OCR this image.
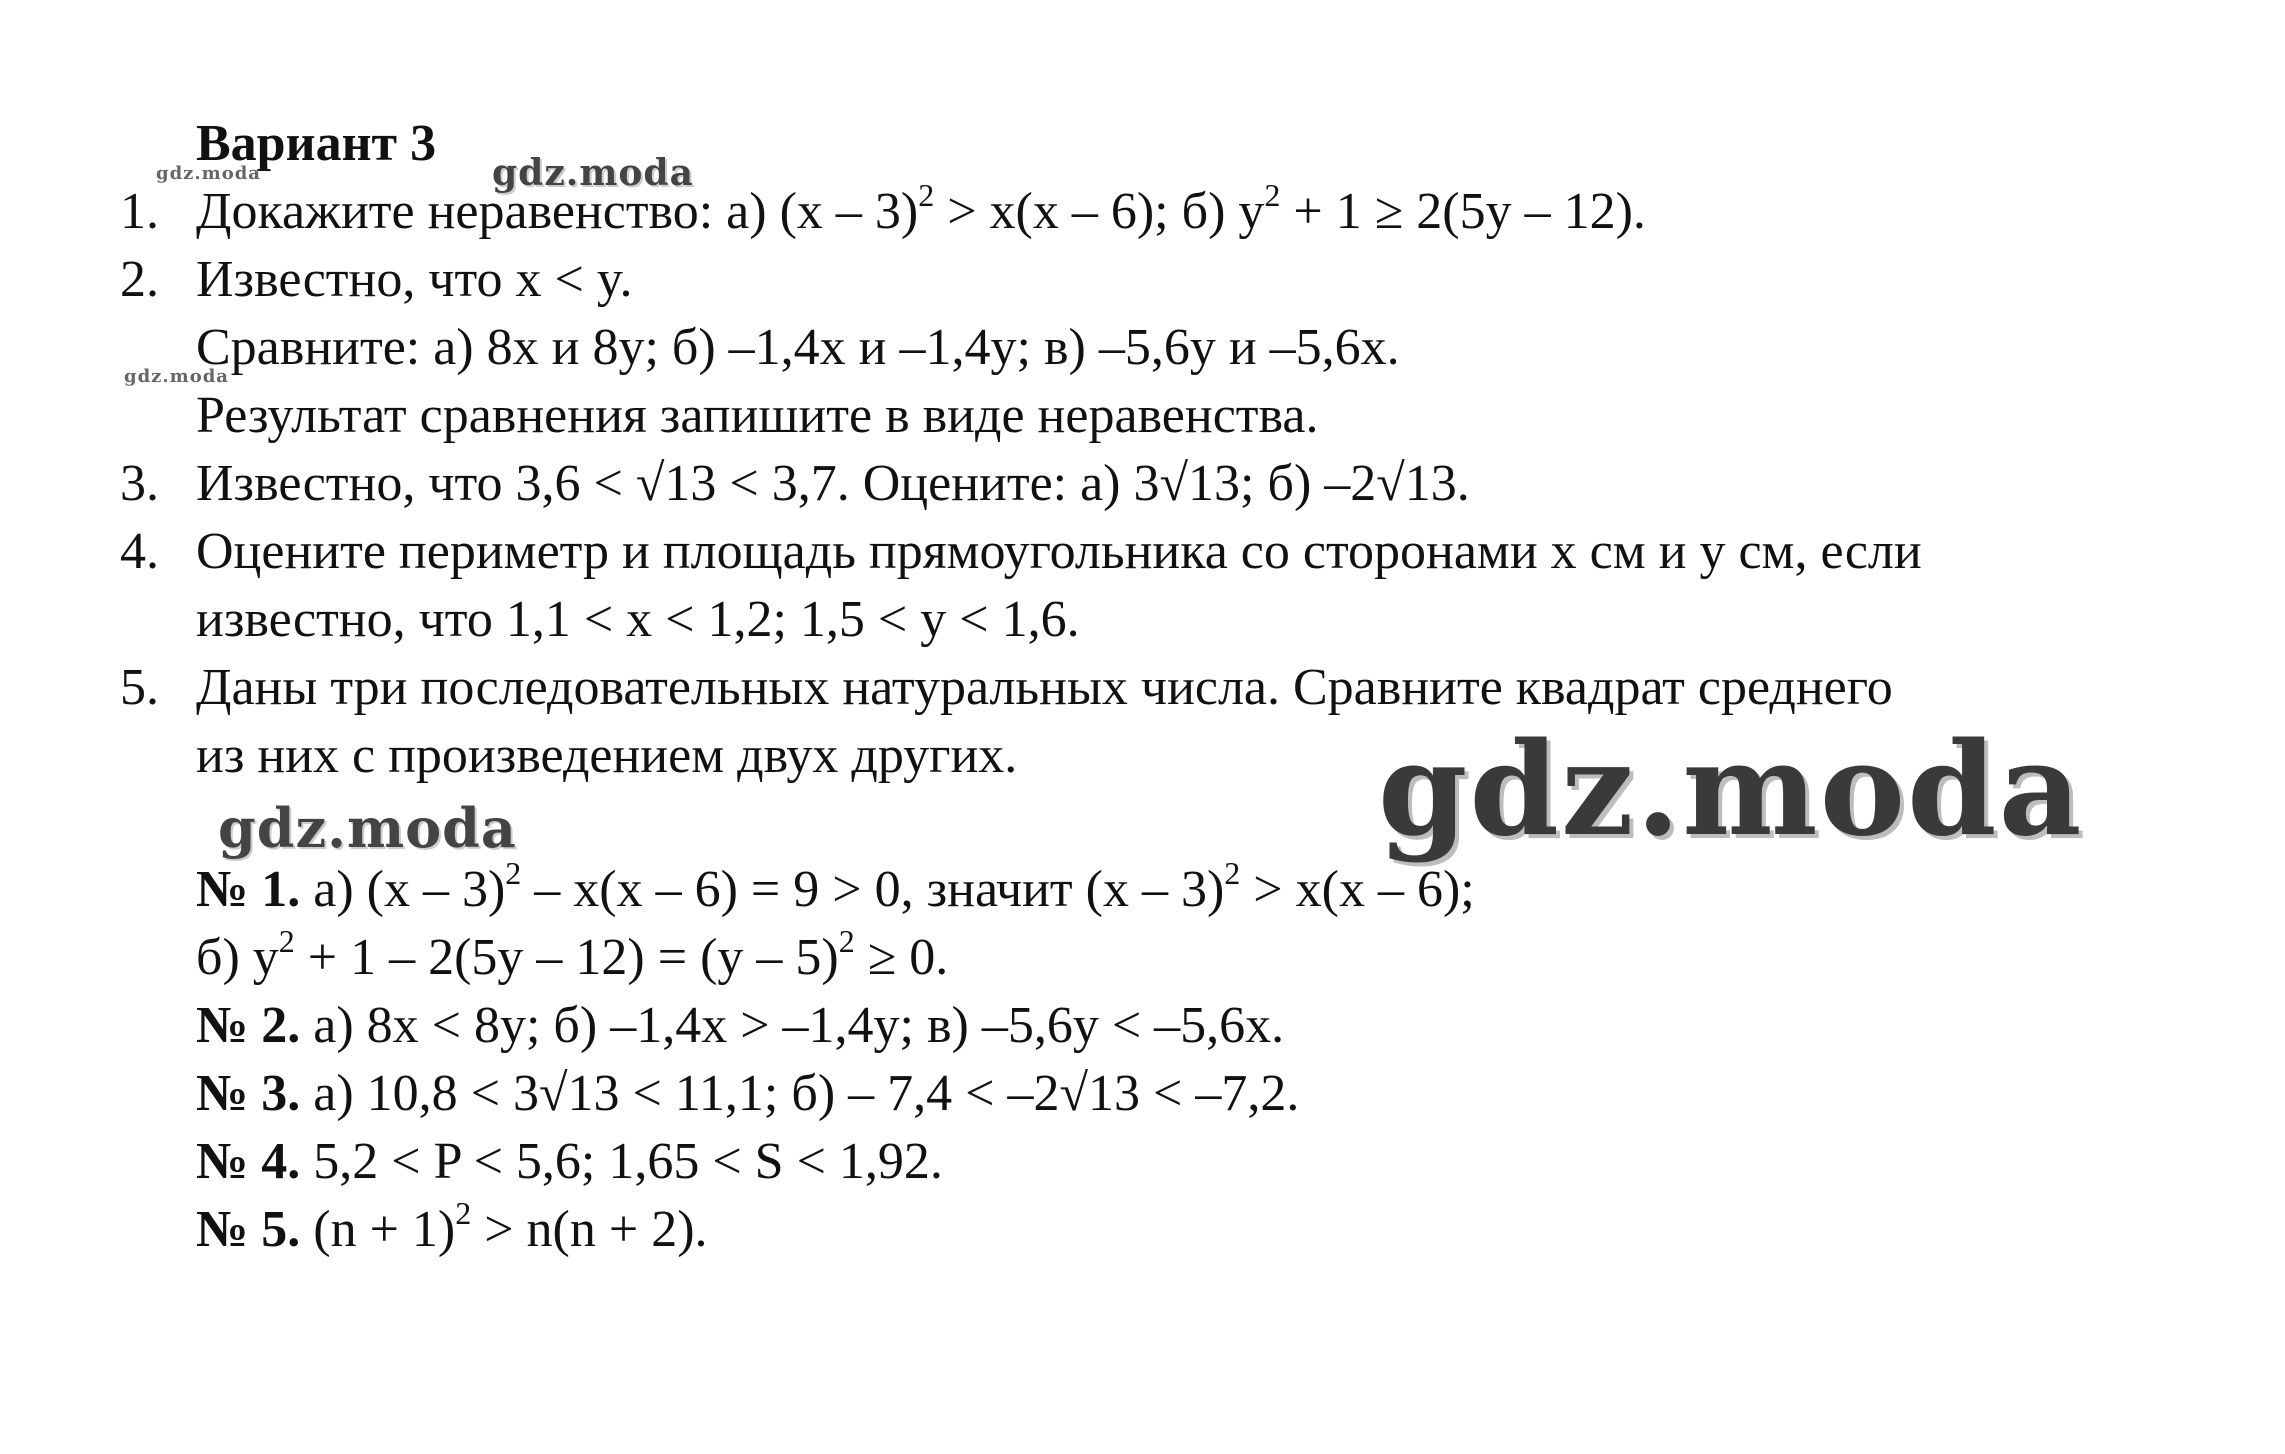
Вариант 3
gdz.moda
gdz.moda
gdz.moda
1. Докажите неравенство: а) (x – 3)$^2$ > x(x – 6); б) $y^2 + 1 \ge 2(5y - 12)$.
2. Известно, что x < y.
Сравните: а) 8x и 8y; б) –1,4x и –1,4y; в) –5,6y и –5,6x.
Результат сравнения запишите в виде неравенства.
3. Известно, что 3,6 < √13 < 3,7. Оцените: а) 3√13; б) –2√13.
4. Оцените периметр и площадь прямоугольника со сторонами x см и y см, если
известно, что 1,1 < x < 1,2; 1,5 < y < 1,6.
5. Даны три последовательных натуральных числа. Сравните квадрат среднего
из них с произведением двух других.	gdz.moda
gdz.moda
№ 1. а) (x – 3)$^2$ – x(x – 6) = 9 > 0, значит (x – 3)$^2$ > x(x – 6);
б) $y^2 + 1 - 2(5y - 12) = (y - 5)^2 \ge 0$.
№ 2. а) 8x < 8y; б) –1,4x > –1,4y; в) –5,6y < –5,6x.
№ 3. а) 10,8 < 3√13 < 11,1; б) – 7,4 < –2√13 < –7,2.
№ 4. 5,2 < P < 5,6; 1,65 < S < 1,92.
№ 5. $(n + 1)^2 > n(n + 2)$.
